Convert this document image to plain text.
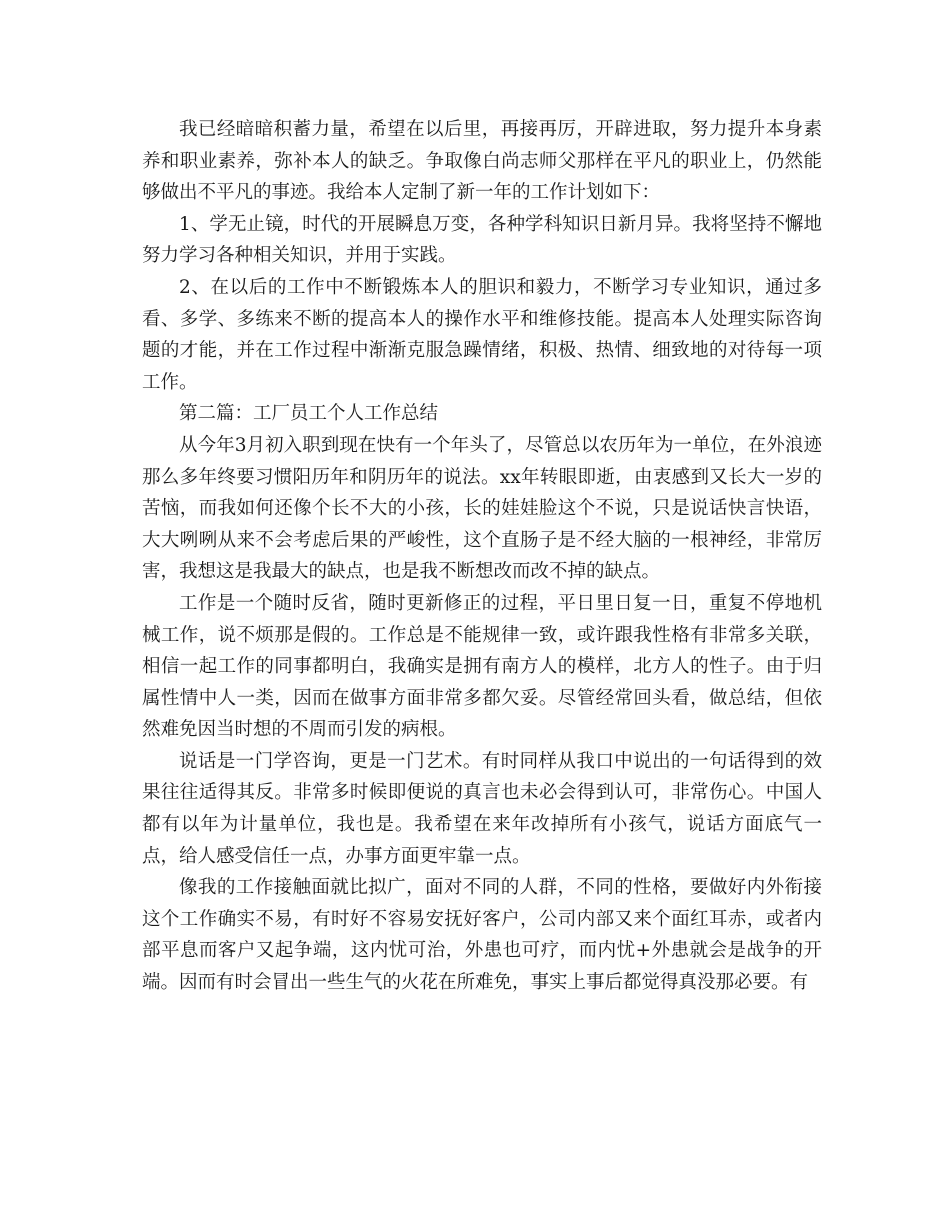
我已经暗暗积蓄力量，希望在以后里，再接再厉，开辟进取，努力提升本身素养和职业素养，弥补本人的缺乏。争取像白尚志师父那样在平凡的职业上，仍然能够做出不平凡的事迹。我给本人定制了新一年的工作计划如下：

1、学无止镜，时代的开展瞬息万变，各种学科知识日新月异。我将坚持不懈地努力学习各种相关知识，并用于实践。

2、在以后的工作中不断锻炼本人的胆识和毅力，不断学习专业知识，通过多看、多学、多练来不断的提高本人的操作水平和维修技能。提高本人处理实际咨询题的才能，并在工作过程中渐渐克服急躁情绪，积极、热情、细致地的对待每一项工作。

第二篇：工厂员工个人工作总结

从今年3月初入职到现在快有一个年头了，尽管总以农历年为一单位，在外浪迹那么多年终要习惯阳历年和阴历年的说法。xx年转眼即逝，由衷感到又长大一岁的苦恼，而我如何还像个长不大的小孩，长的娃娃脸这个不说，只是说话快言快语，大大咧咧从来不会考虑后果的严峻性，这个直肠子是不经大脑的一根神经，非常厉害，我想这是我最大的缺点，也是我不断想改而改不掉的缺点。

工作是一个随时反省，随时更新修正的过程，平日里日复一日，重复不停地机械工作，说不烦那是假的。工作总是不能规律一致，或许跟我性格有非常多关联，相信一起工作的同事都明白，我确实是拥有南方人的模样，北方人的性子。由于归属性情中人一类，因而在做事方面非常多都欠妥。尽管经常回头看，做总结，但依然难免因当时想的不周而引发的病根。

说话是一门学咨询，更是一门艺术。有时同样从我口中说出的一句话得到的效果往往适得其反。非常多时候即便说的真言也未必会得到认可，非常伤心。中国人都有以年为计量单位，我也是。我希望在来年改掉所有小孩气，说话方面底气一点，给人感受信任一点，办事方面更牢靠一点。

像我的工作接触面就比拟广，面对不同的人群，不同的性格，要做好内外衔接这个工作确实不易，有时好不容易安抚好客户，公司内部又来个面红耳赤，或者内部平息而客户又起争端，这内忧可治，外患也可疗，而内忧+外患就会是战争的开端。因而有时会冒出一些生气的火花在所难免，事实上事后都觉得真没那必要。有
